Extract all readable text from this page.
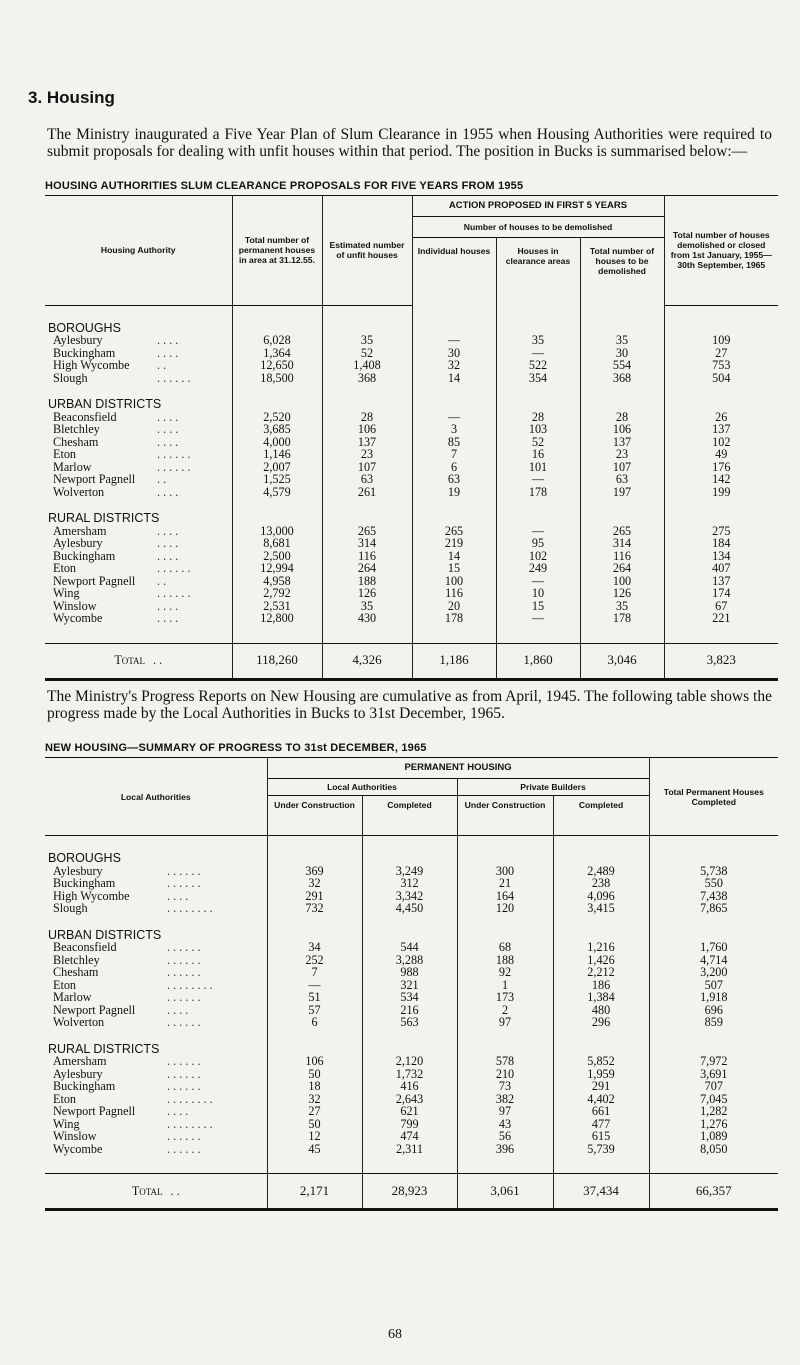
3. Housing
The Ministry inaugurated a Five Year Plan of Slum Clearance in 1955 when Housing Authorities were required to submit proposals for dealing with unfit houses within that period. The position in Bucks is summarised below:—
HOUSING AUTHORITIES SLUM CLEARANCE PROPOSALS FOR FIVE YEARS FROM 1955
Housing Authority	Total number of permanent houses in area at 31.12.55.	Estimated number of unfit houses	ACTION PROPOSED IN FIRST 5 YEARS			Total number of houses demolished or closed from 1st January, 1955—30th September, 1965
			Number of houses to be demolished			
			Individual houses	Houses in clearance areas	Total number of houses to be demolished	

BOROUGHS						
Aylesbury . . . .	6,028	35	—	35	35	109
Buckingham . . . .	1,364	52	30	—	30	27
High Wycombe . .	12,650	1,408	32	522	554	753
Slough . . . . . .	18,500	368	14	354	368	504
URBAN DISTRICTS						
Beaconsfield . . . .	2,520	28	—	28	28	26
Bletchley . . . .	3,685	106	3	103	106	137
Chesham . . . .	4,000	137	85	52	137	102
Eton . . . . . .	1,146	23	7	16	23	49
Marlow . . . . . .	2,007	107	6	101	107	176
Newport Pagnell . .	1,525	63	63	—	63	142
Wolverton . . . .	4,579	261	19	178	197	199
RURAL DISTRICTS						
Amersham . . . .	13,000	265	265	—	265	275
Aylesbury . . . .	8,681	314	219	95	314	184
Buckingham . . . .	2,500	116	14	102	116	134
Eton . . . . . .	12,994	264	15	249	264	407
Newport Pagnell . .	4,958	188	100	—	100	137
Wing . . . . . .	2,792	126	116	10	126	174
Winslow . . . .	2,531	35	20	15	35	67
Wycombe . . . .	12,800	430	178	—	178	221

Total . .	118,260	4,326	1,186	1,860	3,046	3,823
The Ministry's Progress Reports on New Housing are cumulative as from April, 1945. The following table shows the progress made by the Local Authorities in Bucks to 31st December, 1965.
NEW HOUSING—SUMMARY OF PROGRESS TO 31st DECEMBER, 1965
Local Authorities	PERMANENT HOUSING				Total Permanent Houses Completed
	Local Authorities		Private Builders		
	Under Construction	Completed	Under Construction	Completed	

BOROUGHS					
Aylesbury . . . . . .	369	3,249	300	2,489	5,738
Buckingham . . . . . .	32	312	21	238	550
High Wycombe . . . .	291	3,342	164	4,096	7,438
Slough . . . . . . . .	732	4,450	120	3,415	7,865
URBAN DISTRICTS					
Beaconsfield . . . . . .	34	544	68	1,216	1,760
Bletchley . . . . . .	252	3,288	188	1,426	4,714
Chesham . . . . . .	7	988	92	2,212	3,200
Eton . . . . . . . .	—	321	1	186	507
Marlow . . . . . .	51	534	173	1,384	1,918
Newport Pagnell . . . .	57	216	2	480	696
Wolverton . . . . . .	6	563	97	296	859
RURAL DISTRICTS					
Amersham . . . . . .	106	2,120	578	5,852	7,972
Aylesbury . . . . . .	50	1,732	210	1,959	3,691
Buckingham . . . . . .	18	416	73	291	707
Eton . . . . . . . .	32	2,643	382	4,402	7,045
Newport Pagnell . . . .	27	621	97	661	1,282
Wing . . . . . . . .	50	799	43	477	1,276
Winslow . . . . . .	12	474	56	615	1,089
Wycombe . . . . . .	45	2,311	396	5,739	8,050

Total . .	2,171	28,923	3,061	37,434	66,357
68
